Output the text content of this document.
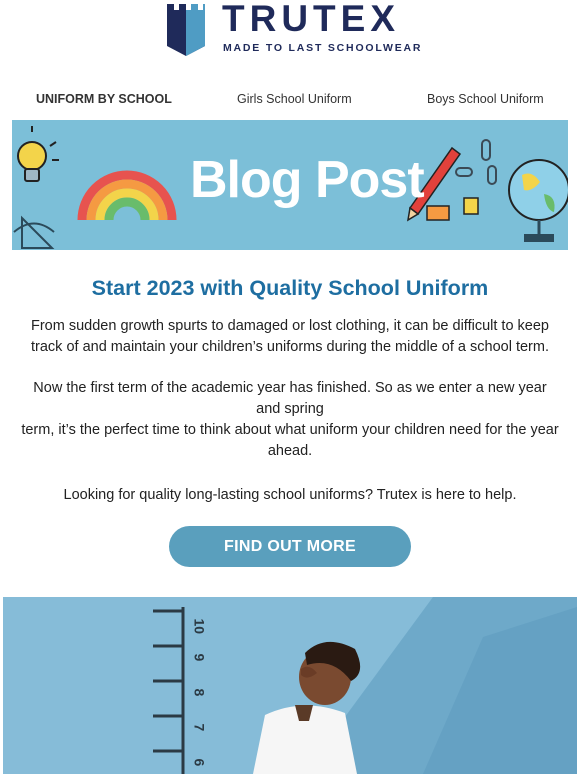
TRUTEX
MADE TO LAST SCHOOLWEAR
UNIFORM BY SCHOOL	Girls School Uniform	Boys School Uniform
Blog Post
Start 2023 with Quality School Uniform
From sudden growth spurts to damaged or lost clothing, it can be difficult to keep track of and maintain your children’s uniforms during the middle of a school term.
Now the first term of the academic year has finished. So as we enter a new year and spring
term, it’s the perfect time to think about what uniform your children need for the year ahead.
Looking for quality long-lasting school uniforms? Trutex is here to help.
FIND OUT MORE
10
9
8
7
6
